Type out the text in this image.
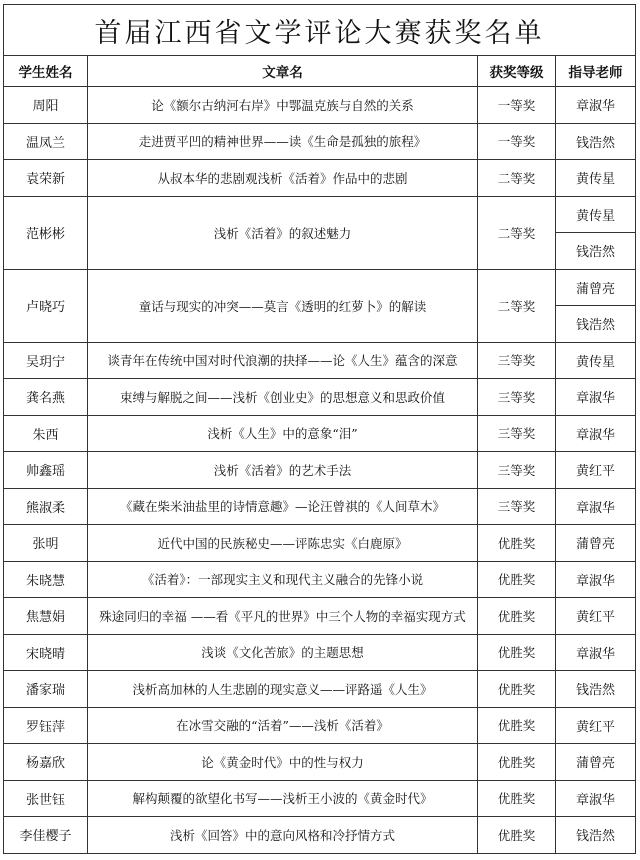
首届江西省文学评论大赛获奖名单			
学生姓名	文章名	获奖等级	指导老师
周阳	论《额尔古纳河右岸》中鄂温克族与自然的关系	一等奖	章淑华
温凤兰	走进贾平凹的精神世界——读《生命是孤独的旅程》	一等奖	钱浩然
袁荣新	从叔本华的悲剧观浅析《活着》作品中的悲剧	二等奖	黄传星
范彬彬	浅析《活着》的叙述魅力	二等奖	黄传星
			钱浩然
卢晓巧	童话与现实的冲突——莫言《透明的红萝卜》的解读	二等奖	蒲曾亮
			钱浩然
吴玥宁	谈青年在传统中国对时代浪潮的抉择——论《人生》蕴含的深意	三等奖	黄传星
龚名燕	束缚与解脱之间——浅析《创业史》的思想意义和思政价值	三等奖	章淑华
朱西	浅析《人生》中的意象“泪”	三等奖	章淑华
帅鑫瑶	浅析《活着》的艺术手法	三等奖	黄红平
熊淑柔	《藏在柴米油盐里的诗情意趣》—论汪曾祺的《人间草木》	三等奖	章淑华
张明	近代中国的民族秘史——评陈忠实《白鹿原》	优胜奖	蒲曾亮
朱晓慧	《活着》：一部现实主义和现代主义融合的先锋小说	优胜奖	章淑华
焦慧娟	殊途同归的幸福 ——看《平凡的世界》中三个人物的幸福实现方式	优胜奖	黄红平
宋晓晴	浅谈《文化苦旅》的主题思想	优胜奖	章淑华
潘家瑞	浅析高加林的人生悲剧的现实意义——评路遥《人生》	优胜奖	钱浩然
罗钰萍	在冰雪交融的“活着”——浅析《活着》	优胜奖	黄红平
杨嘉欣	论《黄金时代》中的性与权力	优胜奖	蒲曾亮
张世钰	解构颠覆的欲望化书写——浅析王小波的《黄金时代》	优胜奖	章淑华
李佳樱子	浅析《回答》中的意向风格和冷抒情方式	优胜奖	钱浩然
